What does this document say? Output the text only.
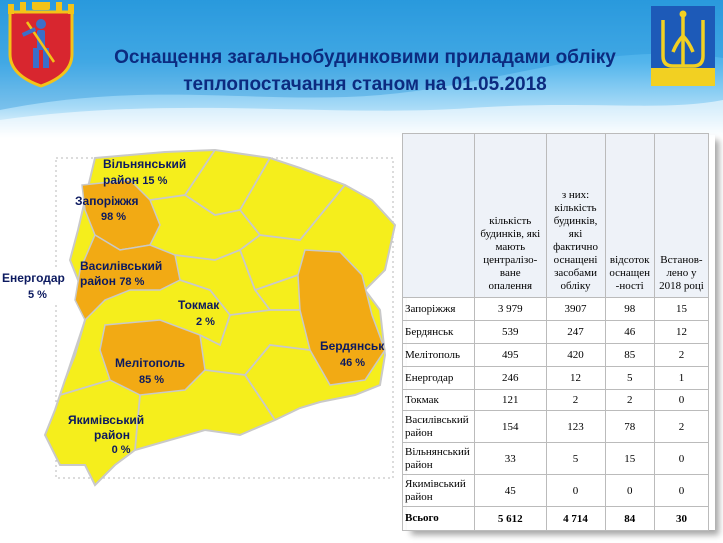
Оснащення загальнобудинковими приладами обліку
теплопостачання станом на 01.05.2018
Вільнянський
район 15 %
Запоріжжя
98 %
Василівський
район 78 %
Енергодар
5 %
Токмак
2 %
Бердянськ
46 %
Мелітополь
85 %
Якимівський
район
0 %
	кількість будинків, які мають централізо-ване опалення	з них: кількість будинків, які фактично оснащені засобами обліку	відсоток оснащен -ності	Встанов-лено у 2018 році
Запоріжжя	3 979	3907	98	15
Бердянськ	539	247	46	12
Мелітополь	495	420	85	2
Енергодар	246	12	5	1
Токмак	121	2	2	0
Василівський район	154	123	78	2
Вільнянський район	33	5	15	0
Якимівський район	45	0	0	0
Всього	5 612	4 714	84	30
